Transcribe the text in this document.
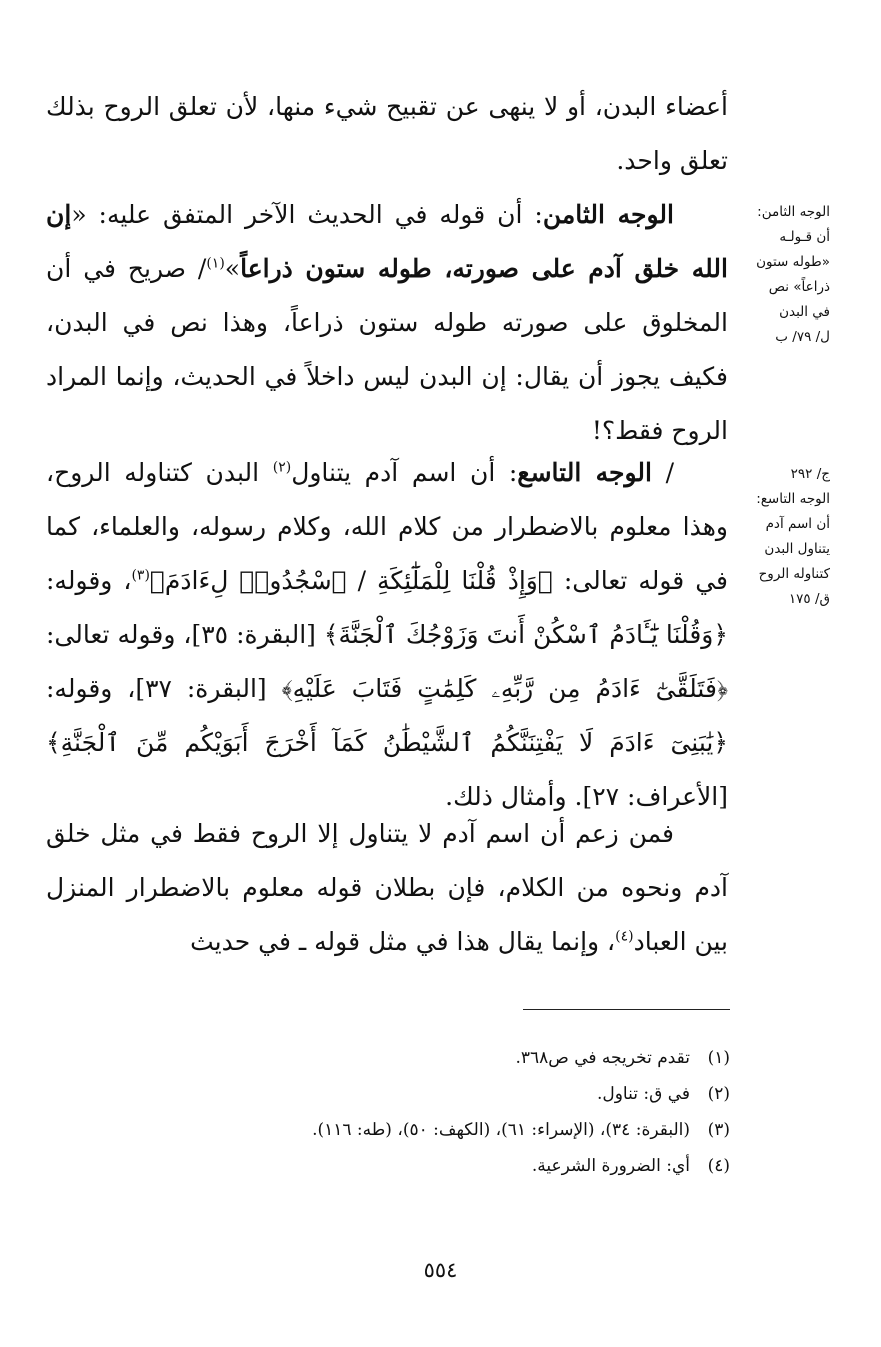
أعضاء البدن، أو لا ينهى عن تقبيح شيء منها، لأن تعلق الروح بذلك تعلق واحد.

الوجه الثامن: أن قوله في الحديث الآخر المتفق عليه: «إن الله خلق آدم على صورته، طوله ستون ذراعاً»$^{(١)}$/ صريح في أن المخلوق على صورته طوله ستون ذراعاً، وهذا نص في البدن، فكيف يجوز أن يقال: إن البدن ليس داخلاً في الحديث، وإنما المراد الروح فقط؟!
/ الوجه التاسع: أن اسم آدم يتناول$^{(٢)}$ البدن كتناوله الروح، وهذا معلوم بالاضطرار من كلام الله، وكلام رسوله، والعلماء، كما في قوله تعالى: ﴿وَإِذْ قُلْنَا لِلْمَلَٰٓئِكَةِ / ٱسْجُدُوا۟ لِءَادَمَ﴾$^{(٣)}$، وقوله: ﴿وَقُلْنَا يَٰٓـَٔادَمُ ٱسْكُنْ أَنتَ وَزَوْجُكَ ٱلْجَنَّةَ﴾ [البقرة: ٣٥]، وقوله تعالى: ﴿فَتَلَقَّىٰٓ ءَادَمُ مِن رَّبِّهِۦ كَلِمَٰتٍ فَتَابَ عَلَيْهِ﴾ [البقرة: ٣٧]، وقوله: ﴿يَٰبَنِىٓ ءَادَمَ لَا يَفْتِنَنَّكُمُ ٱلشَّيْطَٰنُ كَمَآ أَخْرَجَ أَبَوَيْكُم مِّنَ ٱلْجَنَّةِ﴾ [الأعراف: ٢٧]. وأمثال ذلك.
فمن زعم أن اسم آدم لا يتناول إلا الروح فقط في مثل خلق آدم ونحوه من الكلام، فإن بطلان قوله معلوم بالاضطرار المنزل بين العباد$^{(٤)}$، وإنما يقال هذا في مثل قوله ـ في حديث
الوجه الثامن:
أن قـولـه
«طوله ستون
ذراعاً» نص
في البدن
ل/ ٧٩/ ب
ج/ ٢٩٢
الوجه التاسع:
أن اسم آدم
يتناول البدن
كتناوله الروح
ق/ ١٧٥
(١)
تقدم تخريجه في ص٣٦٨.
(٢)
في ق: تناول.
(٣)
(البقرة: ٣٤)، (الإسراء: ٦١)، (الكهف: ٥٠)، (طه: ١١٦).
(٤)
أي: الضرورة الشرعية.
٥٥٤
